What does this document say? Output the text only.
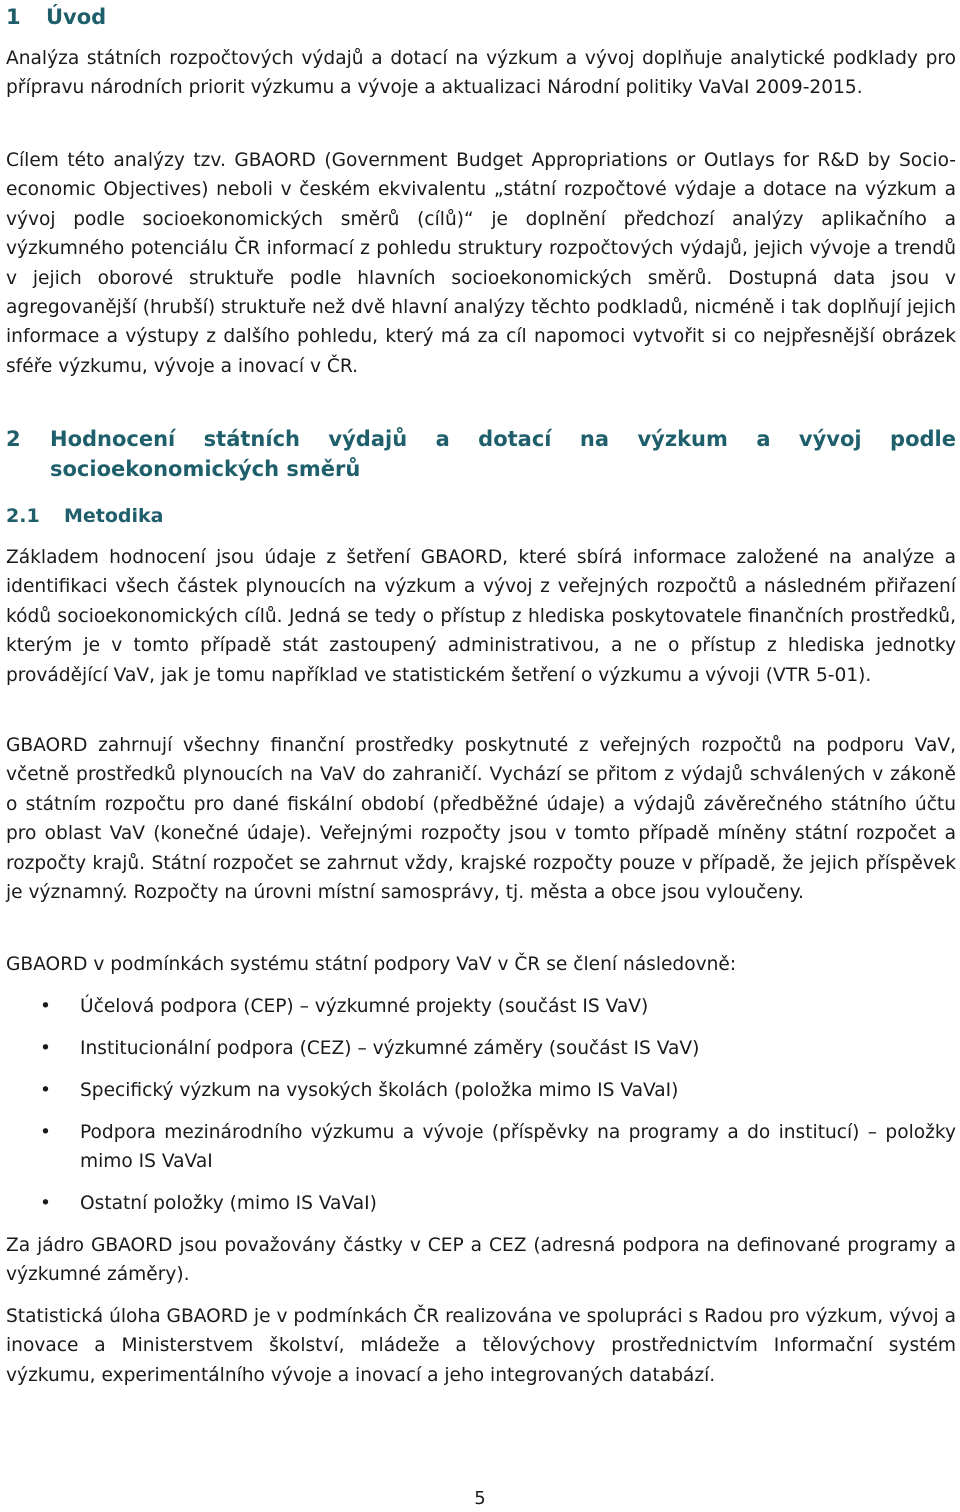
1 Úvod

Analýza státních rozpočtových výdajů a dotací na výzkum a vývoj doplňuje analytické podklady pro přípravu národních priorit výzkumu a vývoje a aktualizaci Národní politiky VaVaI 2009-2015.

Cílem této analýzy tzv. GBAORD (Government Budget Appropriations or Outlays for R&D by Socio-economic Objectives) neboli v českém ekvivalentu „státní rozpočtové výdaje a dotace na výzkum a vývoj podle socioekonomických směrů (cílů)“ je doplnění předchozí analýzy aplikačního a výzkumného potenciálu ČR informací z pohledu struktury rozpočtových výdajů, jejich vývoje a trendů v jejich oborové struktuře podle hlavních socioekonomických směrů. Dostupná data jsou v agregovanější (hrubší) struktuře než dvě hlavní analýzy těchto podkladů, nicméně i tak doplňují jejich informace a výstupy z dalšího pohledu, který má za cíl napomoci vytvořit si co nejpřesnější obrázek sféře výzkumu, vývoje a inovací v ČR.

2	Hodnocení státních výdajů a dotací na výzkum a vývoj podle
socioekonomických směrů
2.1 Metodika

Základem hodnocení jsou údaje z šetření GBAORD, které sbírá informace založené na analýze a identifikaci všech částek plynoucích na výzkum a vývoj z veřejných rozpočtů a následném přiřazení kódů socioekonomických cílů. Jedná se tedy o přístup z hlediska poskytovatele finančních prostředků, kterým je v tomto případě stát zastoupený administrativou, a ne o přístup z hlediska jednotky provádějící VaV, jak je tomu například ve statistickém šetření o výzkumu a vývoji (VTR 5-01).

GBAORD zahrnují všechny finanční prostředky poskytnuté z veřejných rozpočtů na podporu VaV, včetně prostředků plynoucích na VaV do zahraničí. Vychází se přitom z výdajů schválených v zákoně o státním rozpočtu pro dané fiskální období (předběžné údaje) a výdajů závěrečného státního účtu pro oblast VaV (konečné údaje). Veřejnými rozpočty jsou v tomto případě míněny státní rozpočet a rozpočty krajů. Státní rozpočet se zahrnut vždy, krajské rozpočty pouze v případě, že jejich příspěvek je významný. Rozpočty na úrovni místní samosprávy, tj. města a obce jsou vyloučeny.

GBAORD v podmínkách systému státní podpory VaV v ČR se člení následovně:

• Účelová podpora (CEP) – výzkumné projekty (součást IS VaV)
• Institucionální podpora (CEZ) – výzkumné záměry (součást IS VaV)
• Specifický výzkum na vysokých školách (položka mimo IS VaVaI)
• Podpora mezinárodního výzkumu a vývoje (příspěvky na programy a do institucí) – položky mimo IS VaVaI
• Ostatní položky (mimo IS VaVaI)

Za jádro GBAORD jsou považovány částky v CEP a CEZ (adresná podpora na definované programy a výzkumné záměry).

Statistická úloha GBAORD je v podmínkách ČR realizována ve spolupráci s Radou pro výzkum, vývoj a inovace a Ministerstvem školství, mládeže a tělovýchovy prostřednictvím Informační systém výzkumu, experimentálního vývoje a inovací a jeho integrovaných databází.

5
